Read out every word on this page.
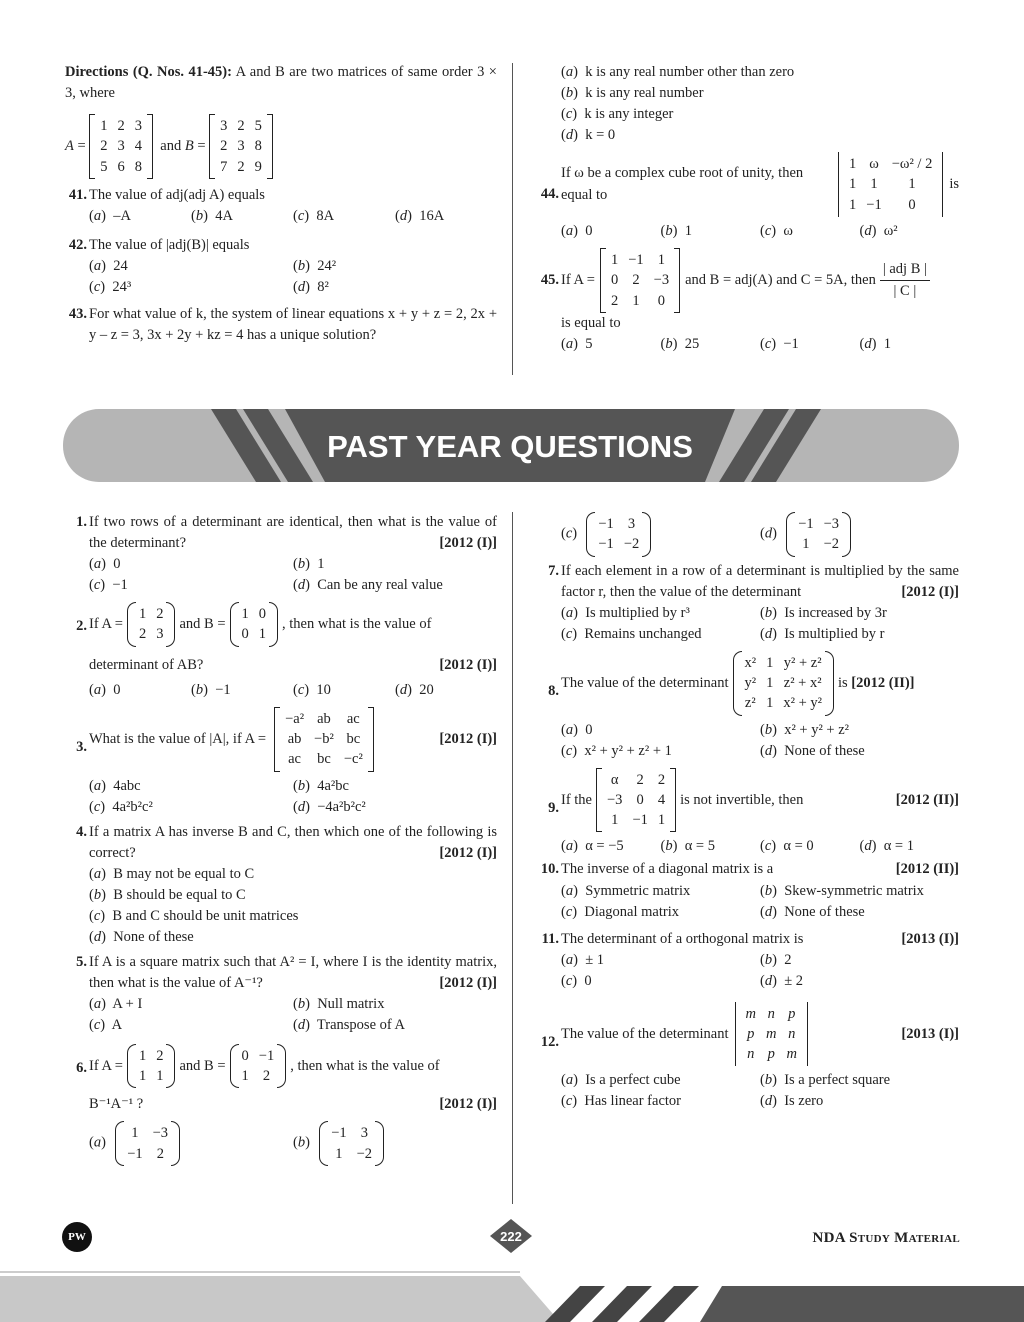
Directions (Q. Nos. 41-45): A and B are two matrices of same order 3 × 3, where
A =
1	2	3
2	3	4
5	6	8
and B =
3	2	5
2	3	8
7	2	9
41. The value of adj(adj A) equals
(a)  –A	(b)  4A	(c)  8A	(d)  16A
42. The value of |adj(B)| equals
(a)  24	(b)  24²
(c)  24³	(d)  8²
43. For what value of k, the system of linear equations x + y + z = 2, 2x + y – z = 3, 3x + 2y + kz = 4 has a unique solution?
(a)  k is any real number other than zero
(b)  k is any real number
(c)  k is any integer
(d)  k = 0
44.
If ω be a complex cube root of unity, then
equal to
1	ω	−ω² / 2
1	1	1
1	−1	0
is
(a)  0	(b)  1	(c)  ω	(d)  ω²
45. If A =
1	−1	1
0	2	−3
2	1	0
and B = adj(A) and C = 5A, then
| adj B |
| C |
is equal to
(a)  5	(b)  25	(c)  −1	(d)  1
PAST YEAR QUESTIONS
1. If two rows of a determinant are identical, then what is the value of the determinant?	[2012 (I)]
(a)  0	(b)  1
(c)  −1	(d)  Can be any real value
2. If A =
1	2
2	3
and B =
1	0
0	1
, then what is the value of
determinant of AB?	[2012 (I)]
(a)  0	(b)  −1	(c)  10	(d)  20
3.
What is the value of |A|, if A =
−a²	ab	ac
ab	−b²	bc
ac	bc	−c²
[2012 (I)]
(a)  4abc	(b)  4a²bc
(c)  4a²b²c²	(d)  −4a²b²c²
4. If a matrix A has inverse B and C, then which one of the following is correct?	[2012 (I)]
(a)  B may not be equal to C
(b)  B should be equal to C
(c)  B and C should be unit matrices
(d)  None of these
5. If A is a square matrix such that A² = I, where I is the identity matrix, then what is the value of A⁻¹?	[2012 (I)]
(a)  A + I	(b)  Null matrix
(c)  A	(d)  Transpose of A
6. If A =
1	2
1	1
and B =
0	−1
1	2
, then what is the value of
B⁻¹A⁻¹ ?	[2012 (I)]
(a)
1	−3
−1	2
(b)
−1	3
1	−2
(c)
−1	3
−1	−2
(d)
−1	−3
1	−2
7. If each element in a row of a determinant is multiplied by the same factor r, then the value of the determinant	[2012 (I)]
(a)  Is multiplied by r³	(b)  Is increased by 3r
(c)  Remains unchanged	(d)  Is multiplied by r
8.
The value of the determinant
x²	1	y² + z²
y²	1	z² + x²
z²	1	x² + y²
is
[2012 (II)]
(a)  0	(b)  x² + y² + z²
(c)  x² + y² + z² + 1	(d)  None of these
9.
If the
α	2	2
−3	0	4
1	−1	1
is not invertible, then	[2012 (II)]
(a)  α = −5	(b)  α = 5	(c)  α = 0	(d)  α = 1
10. The inverse of a diagonal matrix is a	[2012 (II)]
(a)  Symmetric matrix	(b)  Skew-symmetric matrix
(c)  Diagonal matrix	(d)  None of these
11. The determinant of a orthogonal matrix is	[2013 (I)]
(a)  ± 1	(b)  2
(c)  0	(d)  ± 2
12.
The value of the determinant
m	n	p
p	m	n
n	p	m
[2013 (I)]
(a)  Is a perfect cube	(b)  Is a perfect square
(c)  Has linear factor	(d)  Is zero
PW	222	NDA Study Material
